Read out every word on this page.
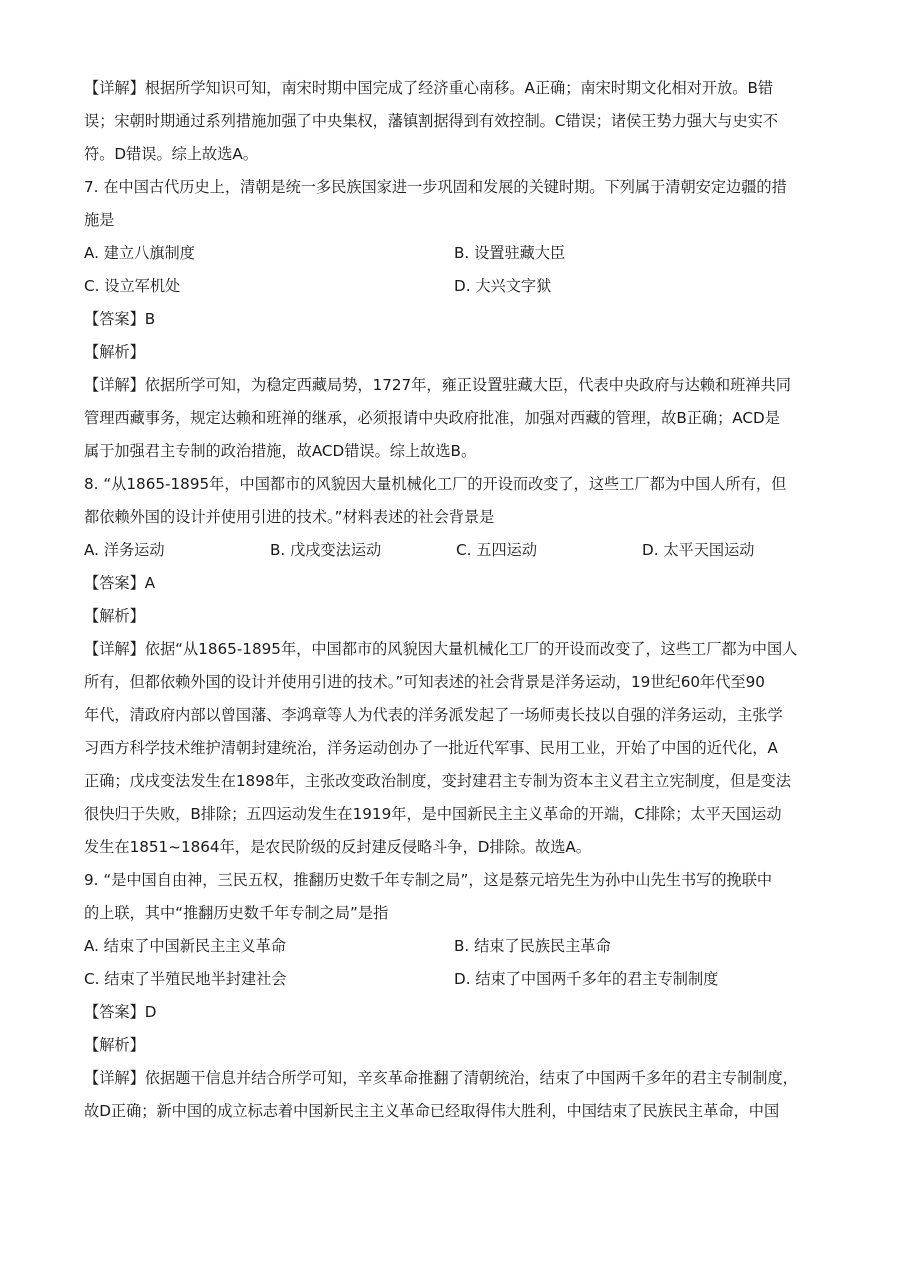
【详解】根据所学知识可知，南宋时期中国完成了经济重心南移。A正确；南宋时期文化相对开放。B错
误；宋朝时期通过系列措施加强了中央集权，藩镇割据得到有效控制。C错误；诸侯王势力强大与史实不
符。D错误。综上故选A。
7. 在中国古代历史上，清朝是统一多民族国家进一步巩固和发展的关键时期。下列属于清朝安定边疆的措
施是
A. 建立八旗制度	B. 设置驻藏大臣
C. 设立军机处	D. 大兴文字狱
【答案】B
【解析】
【详解】依据所学可知，为稳定西藏局势，1727年，雍正设置驻藏大臣，代表中央政府与达赖和班禅共同
管理西藏事务，规定达赖和班禅的继承，必须报请中央政府批准，加强对西藏的管理，故B正确；ACD是
属于加强君主专制的政治措施，故ACD错误。综上故选B。
8. “从1865-1895年，中国都市的风貌因大量机械化工厂的开设而改变了，这些工厂都为中国人所有，但
都依赖外国的设计并使用引进的技术。”材料表述的社会背景是
A. 洋务运动	B. 戊戌变法运动	C. 五四运动	D. 太平天国运动
【答案】A
【解析】
【详解】依据“从1865-1895年，中国都市的风貌因大量机械化工厂的开设而改变了，这些工厂都为中国人
所有，但都依赖外国的设计并使用引进的技术。”可知表述的社会背景是洋务运动，19世纪60年代至90
年代，清政府内部以曾国藩、李鸿章等人为代表的洋务派发起了一场师夷长技以自强的洋务运动，主张学
习西方科学技术维护清朝封建统治，洋务运动创办了一批近代军事、民用工业，开始了中国的近代化，A
正确；戊戌变法发生在1898年，主张改变政治制度，变封建君主专制为资本主义君主立宪制度，但是变法
很快归于失败，B排除；五四运动发生在1919年，是中国新民主主义革命的开端，C排除；太平天国运动
发生在1851~1864年，是农民阶级的反封建反侵略斗争，D排除。故选A。
9. “是中国自由神，三民五权，推翻历史数千年专制之局”，这是蔡元培先生为孙中山先生书写的挽联中
的上联，其中“推翻历史数千年专制之局”是指
A. 结束了中国新民主主义革命	B. 结束了民族民主革命
C. 结束了半殖民地半封建社会	D. 结束了中国两千多年的君主专制制度
【答案】D
【解析】
【详解】依据题干信息并结合所学可知，辛亥革命推翻了清朝统治，结束了中国两千多年的君主专制制度，
故D正确；新中国的成立标志着中国新民主主义革命已经取得伟大胜利，中国结束了民族民主革命，中国
